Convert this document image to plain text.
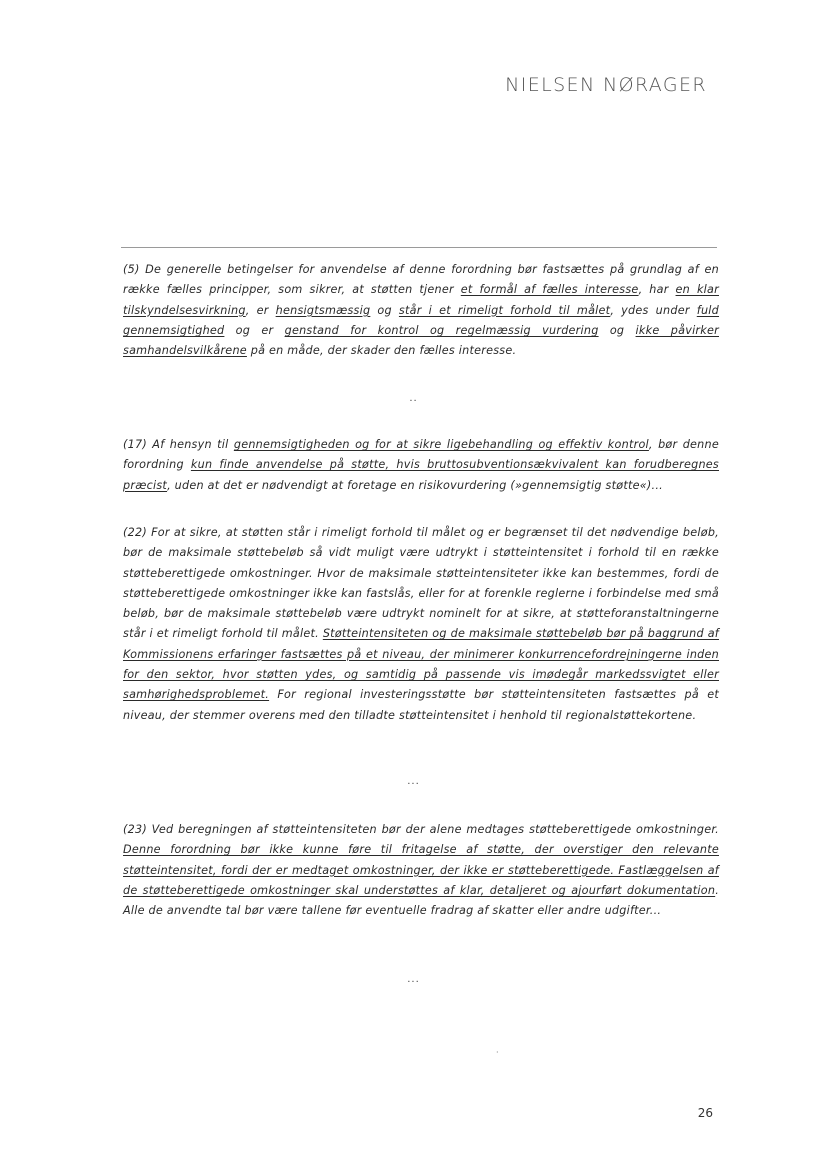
NIELSEN NØRAGER
(5) De generelle betingelser for anvendelse af denne forordning bør fastsættes på grundlag af en række fælles principper, som sikrer, at støtten tjener et formål af fælles interesse, har en klar tilskyndelsesvirkning, er hensigtsmæssig og står i et rimeligt forhold til målet, ydes under fuld gennemsigtighed og er genstand for kontrol og regelmæssig vurdering og ikke påvirker samhandelsvilkårene på en måde, der skader den fælles interesse.
..
(17) Af hensyn til gennemsigtigheden og for at sikre ligebehandling og effektiv kontrol, bør denne forordning kun finde anvendelse på støtte, hvis bruttosubventionsækvivalent kan forudberegnes præcist, uden at det er nødvendigt at foretage en risikovurdering (»gennemsigtig støtte«)...
(22) For at sikre, at støtten står i rimeligt forhold til målet og er begrænset til det nødvendige beløb, bør de maksimale støttebeløb så vidt muligt være udtrykt i støtteintensitet i forhold til en række støtteberettigede omkostninger. Hvor de maksimale støtteintensiteter ikke kan bestemmes, fordi de støtteberettigede omkostninger ikke kan fastslås, eller for at forenkle reglerne i forbindelse med små beløb, bør de maksimale støttebeløb være udtrykt nominelt for at sikre, at støtteforanstaltningerne står i et rimeligt forhold til målet. Støtteintensiteten og de maksimale støttebeløb bør på baggrund af Kommissionens erfaringer fastsættes på et niveau, der minimerer konkurrencefordrejningerne inden for den sektor, hvor støtten ydes, og samtidig på passende vis imødegår markedssvigtet eller samhørighedsproblemet. For regional investeringsstøtte bør støtteintensiteten fastsættes på et niveau, der stemmer overens med den tilladte støtteintensitet i henhold til regionalstøttekortene.
...
(23) Ved beregningen af støtteintensiteten bør der alene medtages støtteberettigede omkostninger. Denne forordning bør ikke kunne føre til fritagelse af støtte, der overstiger den relevante støtteintensitet, fordi der er medtaget omkostninger, der ikke er støtteberettigede. Fastlæggelsen af de støtteberettigede omkostninger skal understøttes af klar, detaljeret og ajourført dokumentation. Alle de anvendte tal bør være tallene før eventuelle fradrag af skatter eller andre udgifter...
...
·
26
